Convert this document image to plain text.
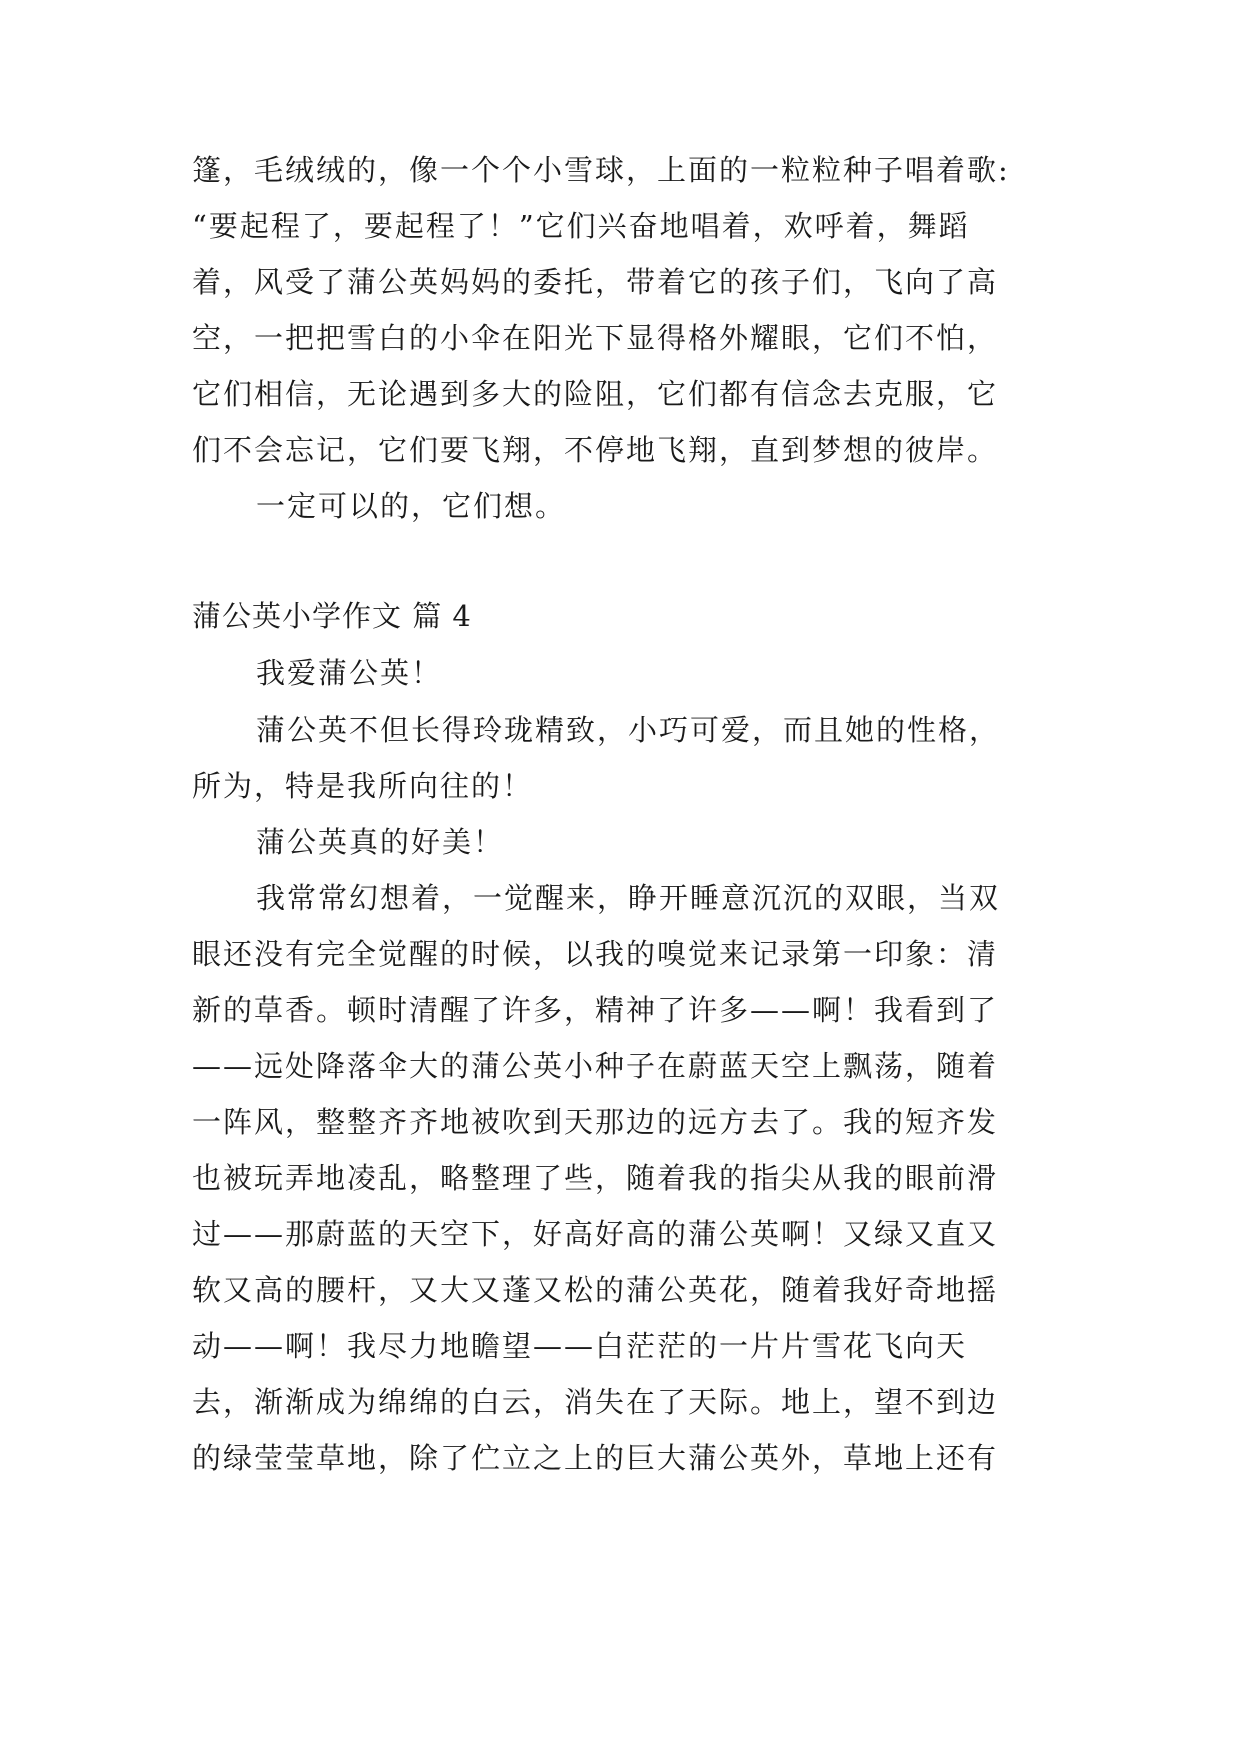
篷，毛绒绒的，像一个个小雪球，上面的一粒粒种子唱着歌:
“要起程了，要起程了！”它们兴奋地唱着，欢呼着，舞蹈
着，风受了蒲公英妈妈的委托，带着它的孩子们，飞向了高
空，一把把雪白的小伞在阳光下显得格外耀眼，它们不怕，
它们相信，无论遇到多大的险阻，它们都有信念去克服，它
们不会忘记，它们要飞翔，不停地飞翔，直到梦想的彼岸。
一定可以的，它们想。
蒲公英小学作文 篇 4
我爱蒲公英！
蒲公英不但长得玲珑精致，小巧可爱，而且她的性格，
所为，特是我所向往的！
蒲公英真的好美！
我常常幻想着，一觉醒来，睁开睡意沉沉的双眼，当双
眼还没有完全觉醒的时候，以我的嗅觉来记录第一印象：清
新的草香。顿时清醒了许多，精神了许多——啊！我看到了
——远处降落伞大的蒲公英小种子在蔚蓝天空上飘荡，随着
一阵风，整整齐齐地被吹到天那边的远方去了。我的短齐发
也被玩弄地凌乱，略整理了些，随着我的指尖从我的眼前滑
过——那蔚蓝的天空下，好高好高的蒲公英啊！又绿又直又
软又高的腰杆，又大又蓬又松的蒲公英花，随着我好奇地摇
动——啊！我尽力地瞻望——白茫茫的一片片雪花飞向天
去，渐渐成为绵绵的白云，消失在了天际。地上，望不到边
的绿莹莹草地，除了伫立之上的巨大蒲公英外，草地上还有
